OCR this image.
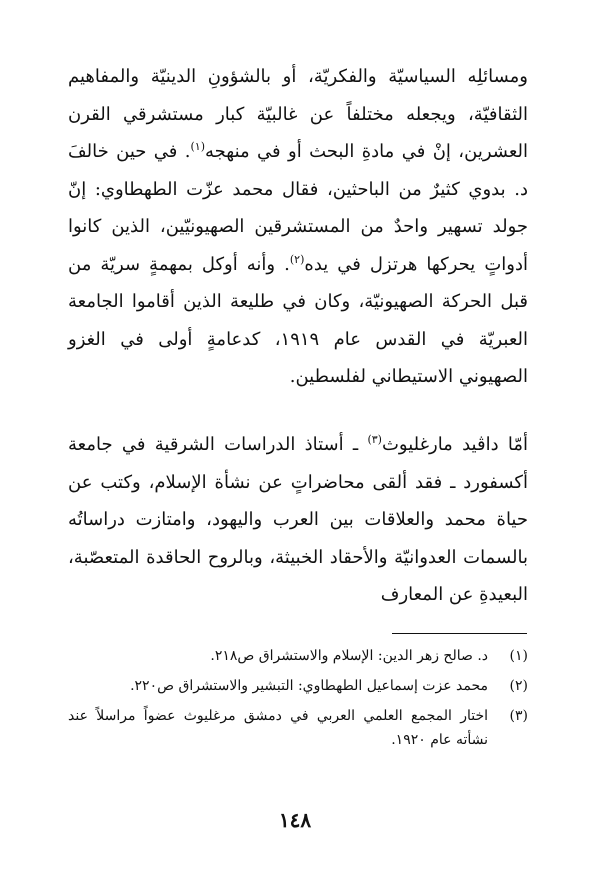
ومسائلِه السياسيّة والفكريّة، أو بالشؤونِ الدينيّة والمفاهيم الثقافيّة، ويجعله مختلفاً عن غالبيّة كبار مستشرقي القرن العشرين، إنْ في مادةِ البحث أو في منهجه$^{(١)}$. في حين خالفَ د. بدوي كثيرٌ من الباحثين، فقال محمد عزّت الطهطاوي: إنّ جولد تسهير واحدٌ من المستشرقين الصهيونيّين، الذين كانوا أدواتٍ يحركها هرتزل في يده$^{(٢)}$. وأنه أوكل بمهمةٍ سريّة من قبل الحركة الصهيونيّة، وكان في طليعة الذين أقاموا الجامعة العبريّة في القدس عام ١٩١٩، كدعامةٍ أولى في الغزو الصهيوني الاستيطاني لفلسطين.

أمّا داڤيد مارغليوث$^{(٣)}$ ـ أستاذ الدراسات الشرقية في جامعة أكسفورد ـ فقد ألقى محاضراتٍ عن نشأة الإسلام، وكتب عن حياة محمد والعلاقات بين العرب واليهود، وامتازت دراساتُه بالسمات العدوانيّة والأحقاد الخبيثة، وبالروح الحاقدة المتعصّبة، البعيدةِ عن المعارف

(١)
د. صالح زهر الدين: الإسلام والاستشراق ص٢١٨.
(٢)
محمد عزت إسماعيل الطهطاوي: التبشير والاستشراق ص٢٢٠.
(٣)
اختار المجمع العلمي العربي في دمشق مرغليوث عضواً مراسلاً عند نشأته عام ١٩٢٠.
١٤٨
